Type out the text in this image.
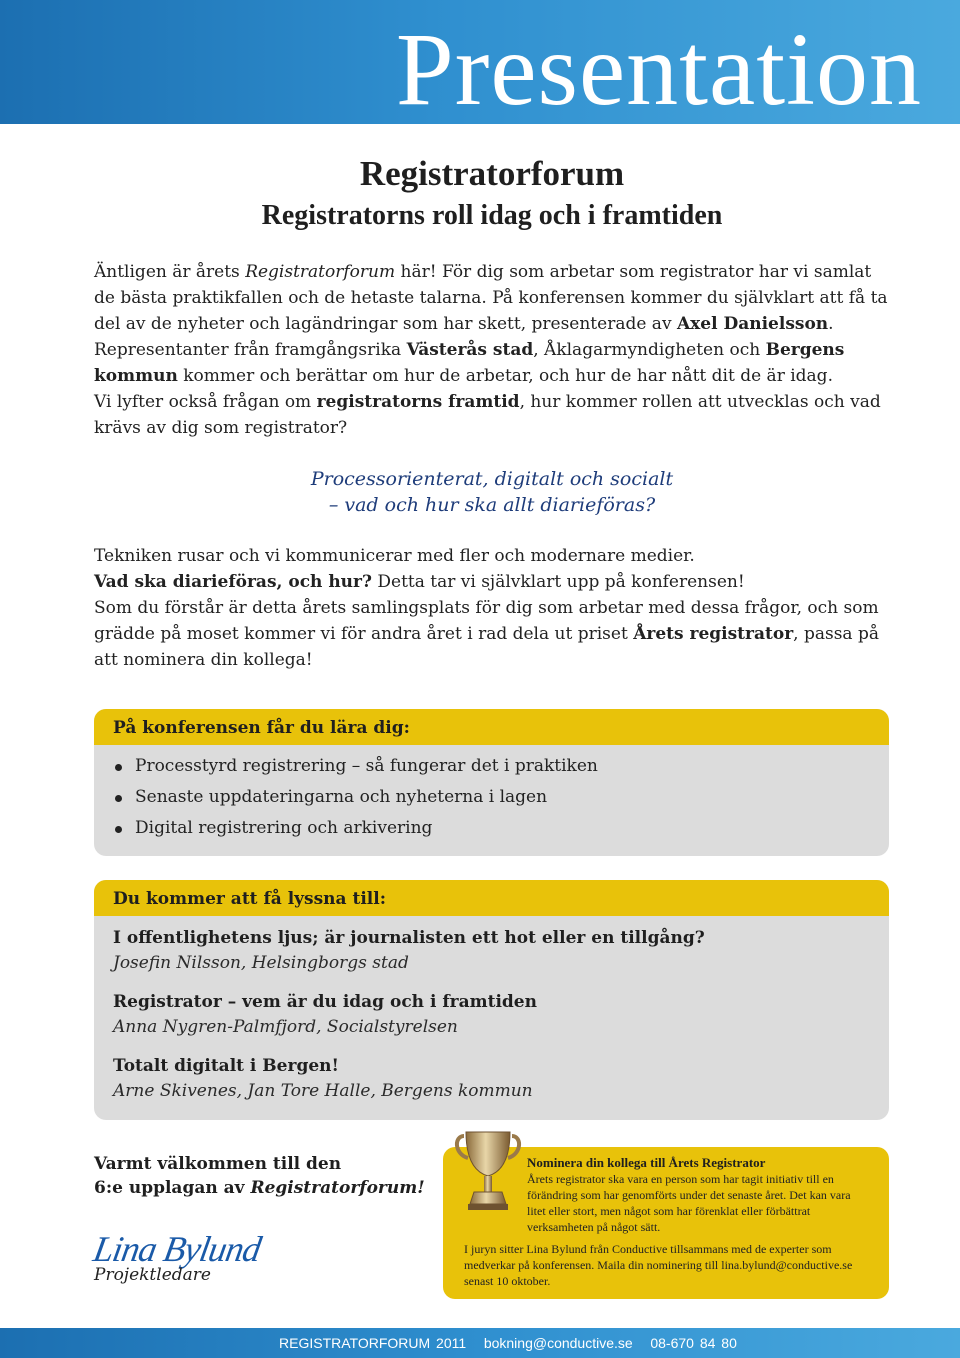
Presentation
Registratorforum
Registratorns roll idag och i framtiden
Äntligen är årets Registratorforum här! För dig som arbetar som registrator har vi samlat de bästa praktikfallen och de hetaste talarna. På konferensen kommer du självklart att få ta del av de nyheter och lagändringar som har skett, presenterade av Axel Danielsson.
Representanter från framgångsrika Västerås stad, Åklagarmyndigheten och Bergens kommun kommer och berättar om hur de arbetar, och hur de har nått dit de är idag.
Vi lyfter också frågan om registratorns framtid, hur kommer rollen att utvecklas och vad krävs av dig som registrator?
Processorienterat, digitalt och socialt
– vad och hur ska allt diarieföras?
Tekniken rusar och vi kommunicerar med fler och modernare medier.
Vad ska diarieföras, och hur? Detta tar vi självklart upp på konferensen!
Som du förstår är detta årets samlingsplats för dig som arbetar med dessa frågor, och som grädde på moset kommer vi för andra året i rad dela ut priset Årets registrator, passa på att nominera din kollega!
På konferensen får du lära dig:
Processtyrd registrering – så fungerar det i praktiken
Senaste uppdateringarna och nyheterna i lagen
Digital registrering och arkivering
Du kommer att få lyssna till:
I offentlighetens ljus; är journalisten ett hot eller en tillgång?
Josefin Nilsson, Helsingborgs stad
Registrator – vem är du idag och i framtiden
Anna Nygren-Palmfjord, Socialstyrelsen
Totalt digitalt i Bergen!
Arne Skivenes, Jan Tore Halle, Bergens kommun
Varmt välkommen till den
6:e upplagan av Registratorforum!
Lina Bylund
Projektledare
Nominera din kollega till Årets Registrator
Årets registrator ska vara en person som har tagit initiativ till en förändring som har genomförts under det senaste året. Det kan vara litet eller stort, men något som har förenklat eller förbättrat verksamheten på något sätt.
I juryn sitter Lina Bylund från Conductive tillsammans med de experter som medverkar på konferensen. Maila din nominering till lina.bylund@conductive.se senast 10 oktober.
REGISTRATORFORUM 2011   bokning@conductive.se   08-670 84 80
